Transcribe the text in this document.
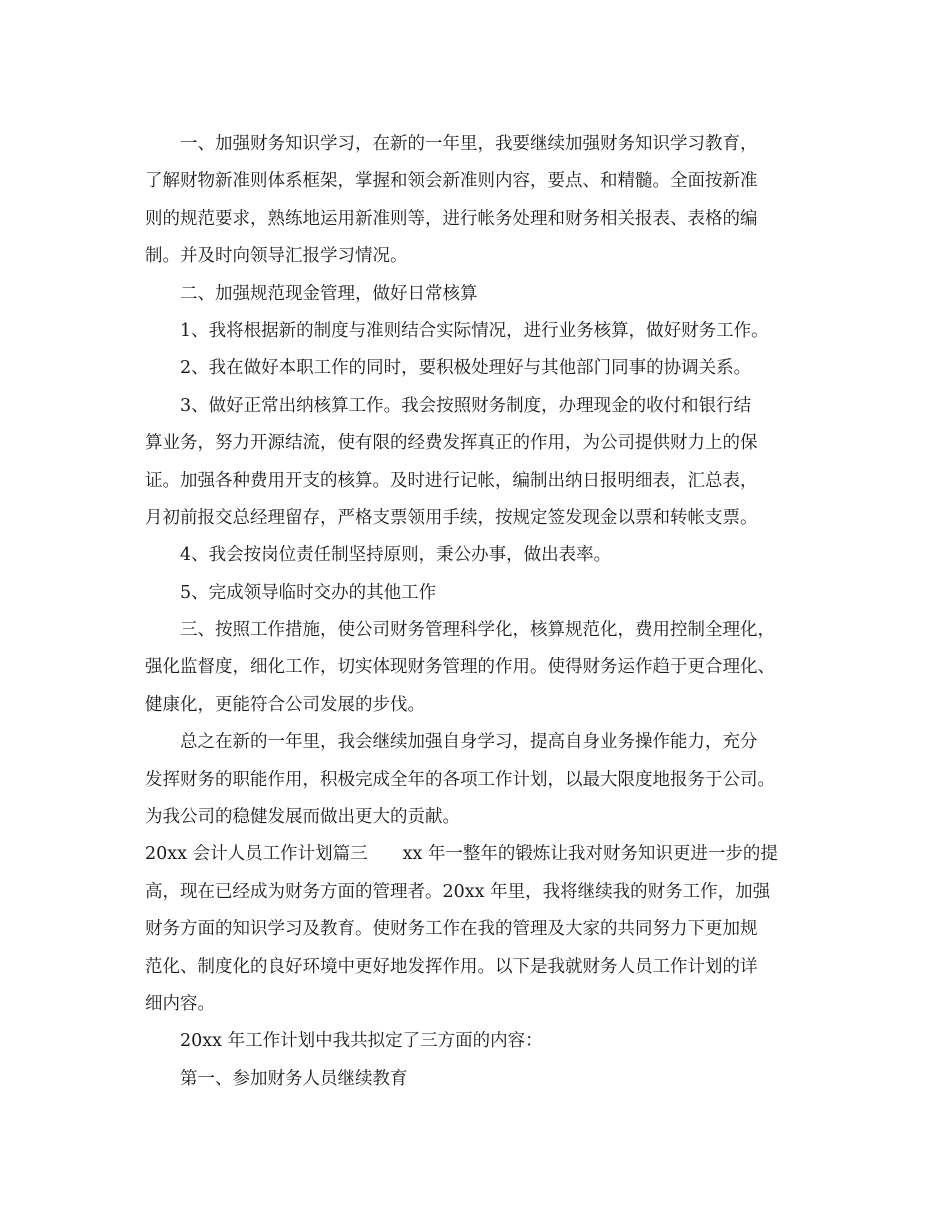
一、加强财务知识学习，在新的一年里，我要继续加强财务知识学习教育，
了解财物新准则体系框架，掌握和领会新准则内容，要点、和精髓。全面按新准
则的规范要求，熟练地运用新准则等，进行帐务处理和财务相关报表、表格的编
制。并及时向领导汇报学习情况。
二、加强规范现金管理，做好日常核算
1、我将根据新的制度与准则结合实际情况，进行业务核算，做好财务工作。
2、我在做好本职工作的同时，要积极处理好与其他部门同事的协调关系。
3、做好正常出纳核算工作。我会按照财务制度，办理现金的收付和银行结
算业务，努力开源结流，使有限的经费发挥真正的作用，为公司提供财力上的保
证。加强各种费用开支的核算。及时进行记帐，编制出纳日报明细表，汇总表，
月初前报交总经理留存，严格支票领用手续，按规定签发现金以票和转帐支票。
4、我会按岗位责任制坚持原则，秉公办事，做出表率。
5、完成领导临时交办的其他工作
三、按照工作措施，使公司财务管理科学化，核算规范化，费用控制全理化，
强化监督度，细化工作，切实体现财务管理的作用。使得财务运作趋于更合理化、
健康化，更能符合公司发展的步伐。
总之在新的一年里，我会继续加强自身学习，提高自身业务操作能力，充分
发挥财务的职能作用，积极完成全年的各项工作计划，以最大限度地报务于公司。
为我公司的稳健发展而做出更大的贡献。
20xx 会计人员工作计划篇三　　xx 年一整年的锻炼让我对财务知识更进一步的提
高，现在已经成为财务方面的管理者。20xx 年里，我将继续我的财务工作，加强
财务方面的知识学习及教育。使财务工作在我的管理及大家的共同努力下更加规
范化、制度化的良好环境中更好地发挥作用。以下是我就财务人员工作计划的详
细内容。
20xx 年工作计划中我共拟定了三方面的内容：
第一、参加财务人员继续教育
